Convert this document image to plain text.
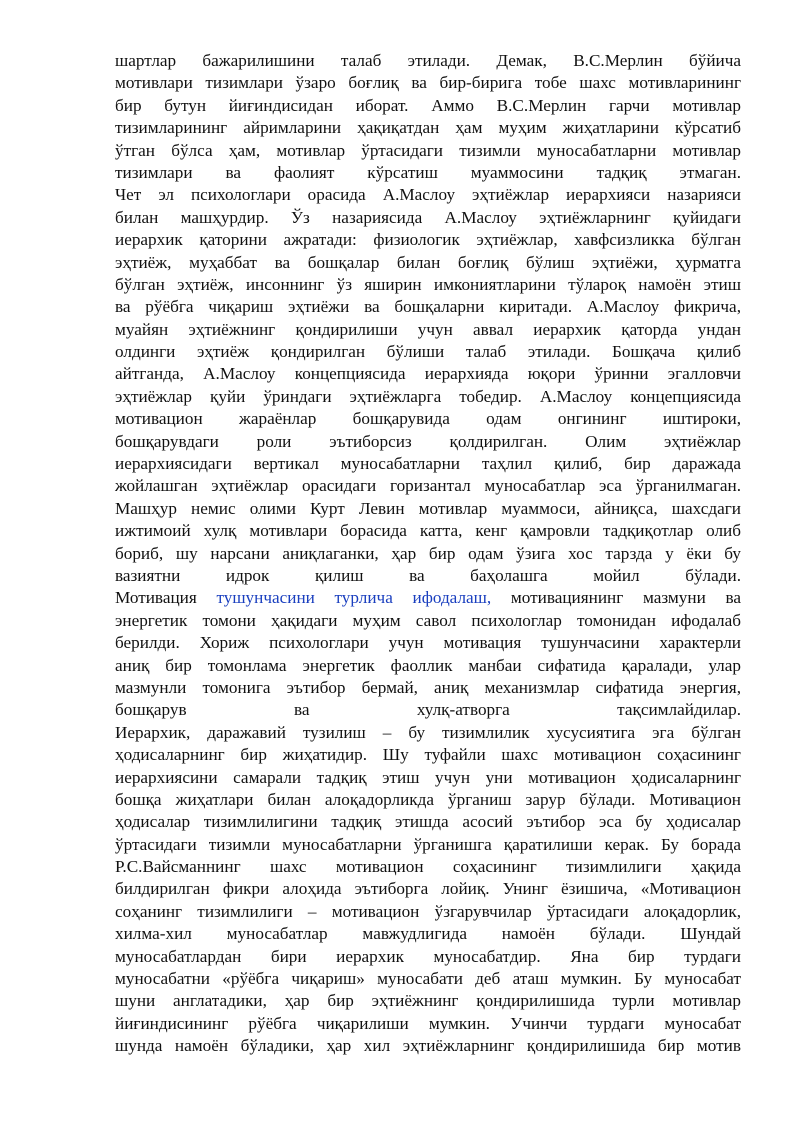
шартлар бажарилишини талаб этилади. Демак, В.С.Мерлин бўйича
мотивлари тизимлари ўзаро боғлиқ ва бир-бирига тобе шахс мотивларининг
бир бутун йиғиндисидан иборат. Аммо В.С.Мерлин гарчи мотивлар
тизимларининг айримларини ҳақиқатдан ҳам муҳим жиҳатларини кўрсатиб
ўтган бўлса ҳам, мотивлар ўртасидаги тизимли муносабатларни мотивлар
тизимлари ва фаолият кўрсатиш муаммосини тадқиқ этмаган.
Чет эл психологлари орасида А.Маслоу эҳтиёжлар иерархияси назарияси
билан машҳурдир. Ўз назариясида А.Маслоу эҳтиёжларнинг қуйидаги
иерархик қаторини ажратади: физиологик эҳтиёжлар, хавфсизликка бўлган
эҳтиёж, муҳаббат ва бошқалар билан боғлиқ бўлиш эҳтиёжи, ҳурматга
бўлган эҳтиёж, инсоннинг ўз яширин имкониятларини тўлароқ намоён этиш
ва рўёбга чиқариш эҳтиёжи ва бошқаларни киритади. А.Маслоу фикрича,
муайян эҳтиёжнинг қондирилиши учун аввал иерархик қаторда ундан
олдинги эҳтиёж қондирилган бўлиши талаб этилади. Бошқача қилиб
айтганда, А.Маслоу концепциясида иерархияда юқори ўринни эгалловчи
эҳтиёжлар қуйи ўриндаги эҳтиёжларга тобедир. А.Маслоу концепциясида
мотивацион жараёнлар бошқарувида одам онгининг иштироки,
бошқарувдаги роли эътиборсиз қолдирилган. Олим эҳтиёжлар
иерархиясидаги вертикал муносабатларни таҳлил қилиб, бир даражада
жойлашган эҳтиёжлар орасидаги горизантал муносабатлар эса ўрганилмаган.
Машҳур немис олими Курт Левин мотивлар муаммоси, айниқса, шахсдаги
ижтимоий хулқ мотивлари борасида катта, кенг қамровли тадқиқотлар олиб
бориб, шу нарсани аниқлаганки, ҳар бир одам ўзига хос тарзда у ёки бу
вазиятни идрок қилиш ва баҳолашга мойил бўлади.
Мотивация тушунчасини турлича ифодалаш, мотивациянинг мазмуни ва
энергетик томони ҳақидаги муҳим савол психологлар томонидан ифодалаб
берилди. Хориж психологлари учун мотивация тушунчасини характерли
аниқ бир томонлама энергетик фаоллик манбаи сифатида қаралади, улар
мазмунли томонига эътибор бермай, аниқ механизмлар сифатида энергия,
бошқарув ва хулқ-атворга тақсимлайдилар.
Иерархик, даражавий тузилиш – бу тизимлилик хусусиятига эга бўлган
ҳодисаларнинг бир жиҳатидир. Шу туфайли шахс мотивацион соҳасининг
иерархиясини самарали тадқиқ этиш учун уни мотивацион ҳодисаларнинг
бошқа жиҳатлари билан алоқадорликда ўрганиш зарур бўлади. Мотивацион
ҳодисалар тизимлилигини тадқиқ этишда асосий эътибор эса бу ҳодисалар
ўртасидаги тизимли муносабатларни ўрганишга қаратилиши керак. Бу борада
Р.С.Вайсманнинг шахс мотивацион соҳасининг тизимлилиги ҳақида
билдирилган фикри алоҳида эътиборга лойиқ. Унинг ёзишича, «Мотивацион
соҳанинг тизимлилиги – мотивацион ўзгарувчилар ўртасидаги алоқадорлик,
хилма-хил муносабатлар мавжудлигида намоён бўлади. Шундай
муносабатлардан бири иерархик муносабатдир. Яна бир турдаги
муносабатни «рўёбга чиқариш» муносабати деб аташ мумкин. Бу муносабат
шуни англатадики, ҳар бир эҳтиёжнинг қондирилишида турли мотивлар
йиғиндисининг рўёбга чиқарилиши мумкин. Учинчи турдаги муносабат
шунда намоён бўладики, ҳар хил эҳтиёжларнинг қондирилишида бир мотив
